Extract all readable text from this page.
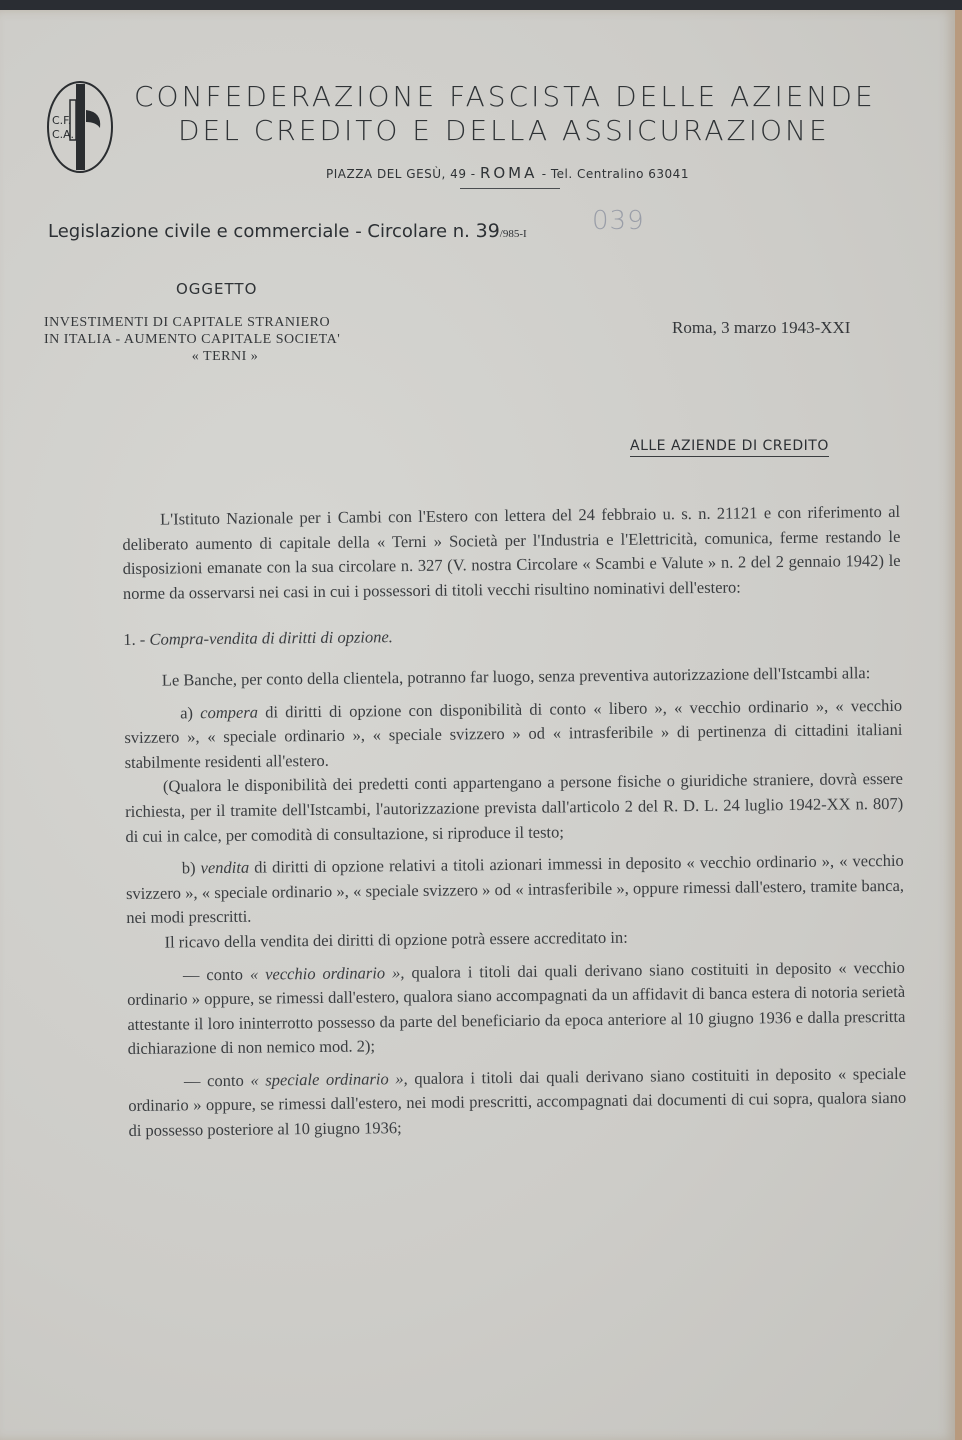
C.F.
C.A.
CONFEDERAZIONE FASCISTA DELLE AZIENDE
DEL CREDITO E DELLA ASSICURAZIONE
PIAZZA DEL GESÙ, 49 - ROMA - Tel. Centralino 63041
Legislazione civile e commerciale - Circolare n. 39/985-I	039
OGGETTO
INVESTIMENTI DI CAPITALE STRANIERO
IN ITALIA - AUMENTO CAPITALE SOCIETA'
« TERNI »
Roma, 3 marzo 1943-XXI
ALLE AZIENDE DI CREDITO

L'Istituto Nazionale per i Cambi con l'Estero con lettera del 24 febbraio u. s. n. 21121 e con riferimento al deliberato aumento di capitale della « Terni » Società per l'Industria e l'Elettricità, comunica, ferme restando le disposizioni emanate con la sua circolare n. 327 (V. nostra Circolare « Scambi e Valute » n. 2 del 2 gennaio 1942) le norme da osservarsi nei casi in cui i possessori di titoli vecchi risultino nominativi dell'estero:

1. - Compra-vendita di diritti di opzione.

Le Banche, per conto della clientela, potranno far luogo, senza preventiva autorizzazione dell'Istcambi alla:

a) compera di diritti di opzione con disponibilità di conto « libero », « vecchio ordinario », « vecchio svizzero », « speciale ordinario », « speciale svizzero » od « intrasferibile » di pertinenza di cittadini italiani stabilmente residenti all'estero.

(Qualora le disponibilità dei predetti conti appartengano a persone fisiche o giuridiche straniere, dovrà essere richiesta, per il tramite dell'Istcambi, l'autorizzazione prevista dall'articolo 2 del R. D. L. 24 luglio 1942-XX n. 807) di cui in calce, per comodità di consultazione, si riproduce il testo;

b) vendita di diritti di opzione relativi a titoli azionari immessi in deposito « vecchio ordinario », « vecchio svizzero », « speciale ordinario », « speciale svizzero » od « intrasferibile », oppure rimessi dall'estero, tramite banca, nei modi prescritti.

Il ricavo della vendita dei diritti di opzione potrà essere accreditato in:

— conto « vecchio ordinario », qualora i titoli dai quali derivano siano costituiti in deposito « vecchio ordinario » oppure, se rimessi dall'estero, qualora siano accompagnati da un affidavit di banca estera di notoria serietà attestante il loro ininterrotto possesso da parte del beneficiario da epoca anteriore al 10 giugno 1936 e dalla prescritta dichiarazione di non nemico mod. 2);

— conto « speciale ordinario », qualora i titoli dai quali derivano siano costituiti in deposito « speciale ordinario » oppure, se rimessi dall'estero, nei modi prescritti, accompagnati dai documenti di cui sopra, qualora siano di possesso posteriore al 10 giugno 1936;
